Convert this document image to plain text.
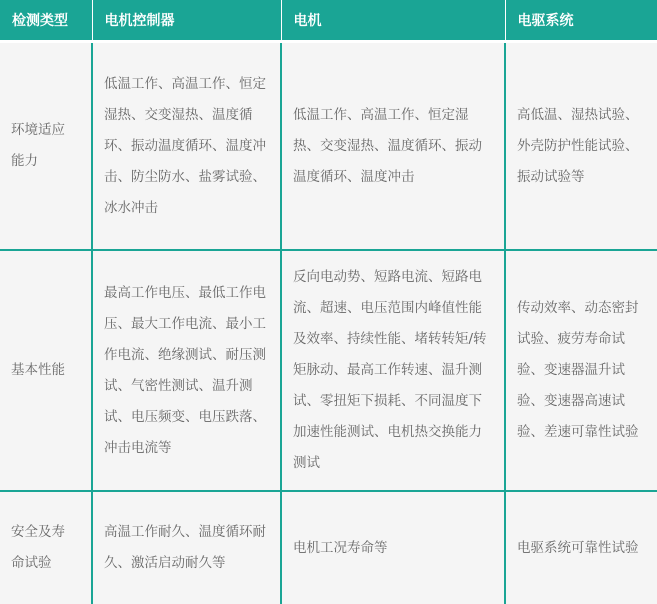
检测类型	电机控制器	电机	电驱系统
环境适应能力	低温工作、高温工作、恒定湿热、交变湿热、温度循环、振动温度循环、温度冲击、防尘防水、盐雾试验、冰水冲击	低温工作、高温工作、恒定湿热、交变湿热、温度循环、振动温度循环、温度冲击	高低温、湿热试验、外壳防护性能试验、振动试验等
基本性能	最高工作电压、最低工作电压、最大工作电流、最小工作电流、绝缘测试、耐压测试、气密性测试、温升测试、电压频变、电压跌落、冲击电流等	反向电动势、短路电流、短路电流、超速、电压范围内峰值性能及效率、持续性能、堵转转矩/转矩脉动、最高工作转速、温升测试、零扭矩下损耗、不同温度下加速性能测试、电机热交换能力测试	传动效率、动态密封试验、疲劳寿命试验、变速器温升试验、变速器高速试验、差速可靠性试验
安全及寿命试验	高温工作耐久、温度循环耐久、激活启动耐久等	电机工况寿命等	电驱系统可靠性试验
